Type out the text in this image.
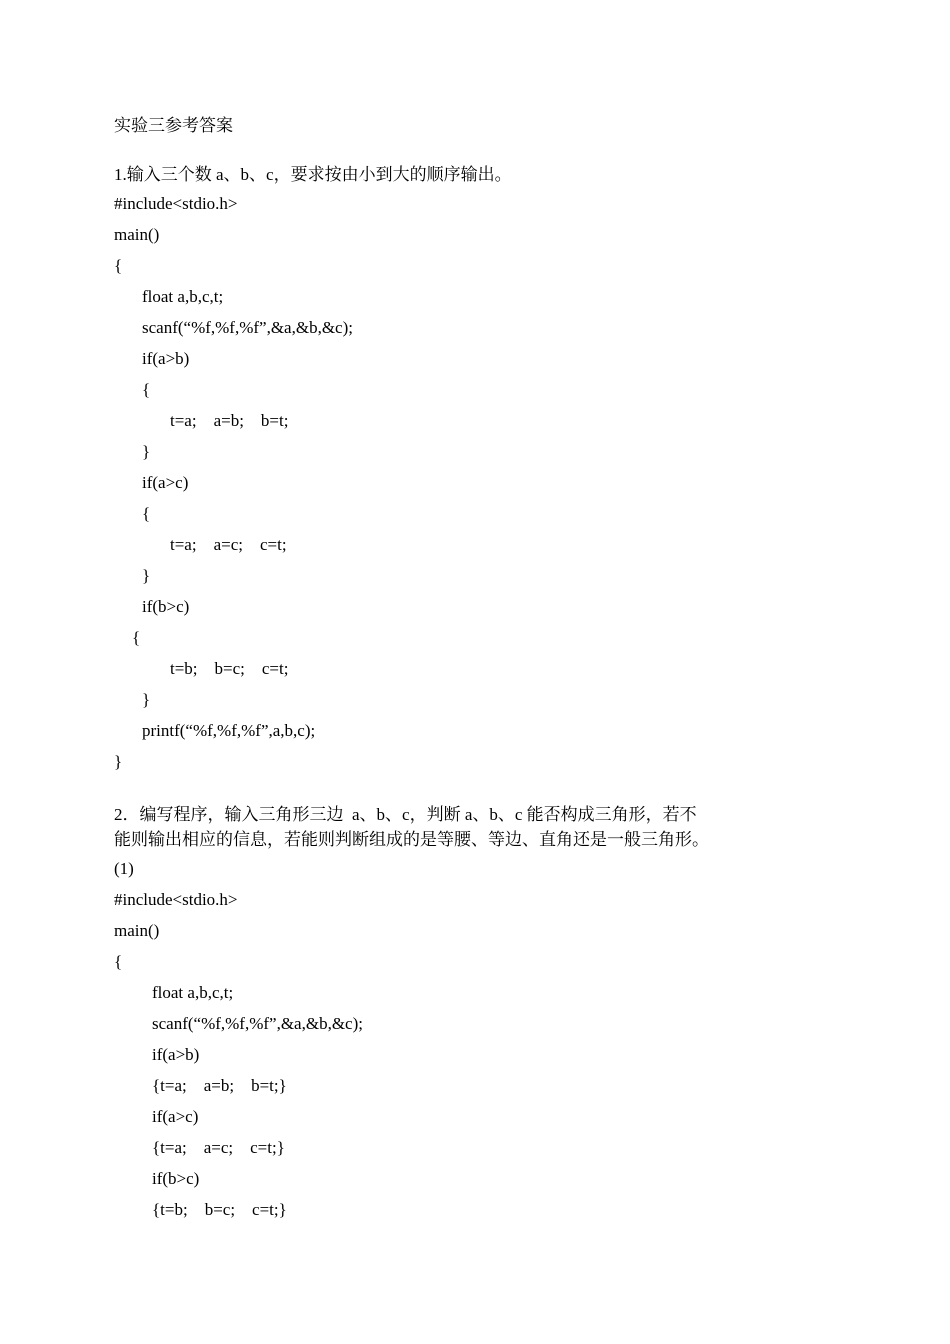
实验三参考答案

1.输入三个数 a、b、c，要求按由小到大的顺序输出。

#include<stdio.h>

main()

{

float a,b,c,t;

scanf(“%f,%f,%f”,&a,&b,&c);

if(a>b)

{

t=a;    a=b;    b=t;

}

if(a>c)

{

t=a;    a=c;    c=t;

}

if(b>c)

{

t=b;    b=c;    c=t;

}

printf(“%f,%f,%f”,a,b,c);

}

2．编写程序，输入三角形三边  a、b、c，判断 a、b、c 能否构成三角形，若不

能则输出相应的信息，若能则判断组成的是等腰、等边、直角还是一般三角形。

(1)

#include<stdio.h>

main()

{

float a,b,c,t;

scanf(“%f,%f,%f”,&a,&b,&c);

if(a>b)

{t=a;    a=b;    b=t;}

if(a>c)

{t=a;    a=c;    c=t;}

if(b>c)

{t=b;    b=c;    c=t;}
